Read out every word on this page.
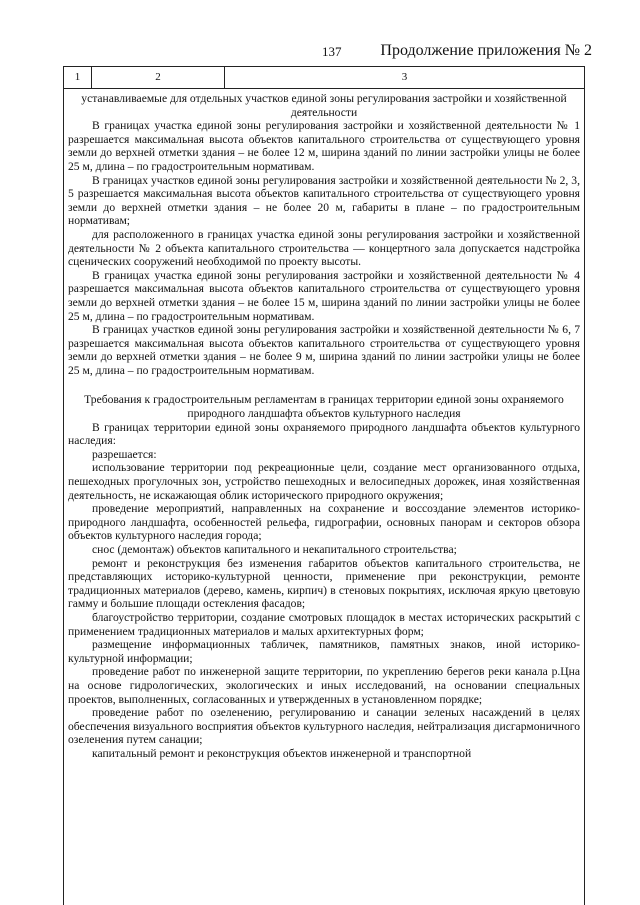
137 Продолжение приложения № 2
1	2	3

устанавливаемые для отдельных участков единой зоны регулирования застройки и хозяйственной деятельности

В границах участка единой зоны регулирования застройки и хозяйственной деятельности № 1 разрешается максимальная высота объектов капитального строительства от существующего уровня земли до верхней отметки здания – не более 12 м, ширина зданий по линии застройки улицы не более 25 м, длина – по градостроительным нормативам.

В границах участков единой зоны регулирования застройки и хозяйственной деятельности № 2, 3, 5 разрешается максимальная высота объектов капитального строительства от существующего уровня земли до верхней отметки здания – не более 20 м, габариты в плане – по градостроительным нормативам;

для расположенного в границах участка единой зоны регулирования застройки и хозяйственной деятельности № 2 объекта капитального строительства — концертного зала допускается надстройка сценических сооружений необходимой по проекту высоты.

В границах участка единой зоны регулирования застройки и хозяйственной деятельности № 4 разрешается максимальная высота объектов капитального строительства от существующего уровня земли до верхней отметки здания – не более 15 м, ширина зданий по линии застройки улицы не более 25 м, длина – по градостроительным нормативам.

В границах участков единой зоны регулирования застройки и хозяйственной деятельности № 6, 7 разрешается максимальная высота объектов капитального строительства от существующего уровня земли до верхней отметки здания – не более 9 м, ширина зданий по линии застройки улицы не более 25 м, длина – по градостроительным нормативам.

Требования к градостроительным регламентам в границах территории единой зоны охраняемого природного ландшафта объектов культурного наследия

В границах территории единой зоны охраняемого природного ландшафта объектов культурного наследия:

разрешается:

использование территории под рекреационные цели, создание мест организованного отдыха, пешеходных прогулочных зон, устройство пешеходных и велосипедных дорожек, иная хозяйственная деятельность, не искажающая облик исторического природного окружения;

проведение мероприятий, направленных на сохранение и воссоздание элементов историко-природного ландшафта, особенностей рельефа, гидрографии, основных панорам и секторов обзора объектов культурного наследия города;

снос (демонтаж) объектов капитального и некапитального строительства;

ремонт и реконструкция без изменения габаритов объектов капитального строительства, не представляющих историко-культурной ценности, применение при реконструкции, ремонте традиционных материалов (дерево, камень, кирпич) в стеновых покрытиях, исключая яркую цветовую гамму и большие площади остекления фасадов;

благоустройство территории, создание смотровых площадок в местах исторических раскрытий с применением традиционных материалов и малых архитектурных форм;

размещение информационных табличек, памятников, памятных знаков, иной историко-культурной информации;

проведение работ по инженерной защите территории, по укреплению берегов реки канала р.Цна на основе гидрологических, экологических и иных исследований, на основании специальных проектов, выполненных, согласованных и утвержденных в установленном порядке;

проведение работ по озеленению, регулированию и санации зеленых насаждений в целях обеспечения визуального восприятия объектов культурного наследия, нейтрализация дисгармоничного озеленения путем санации;

капитальный ремонт и реконструкция объектов инженерной и транспортной
